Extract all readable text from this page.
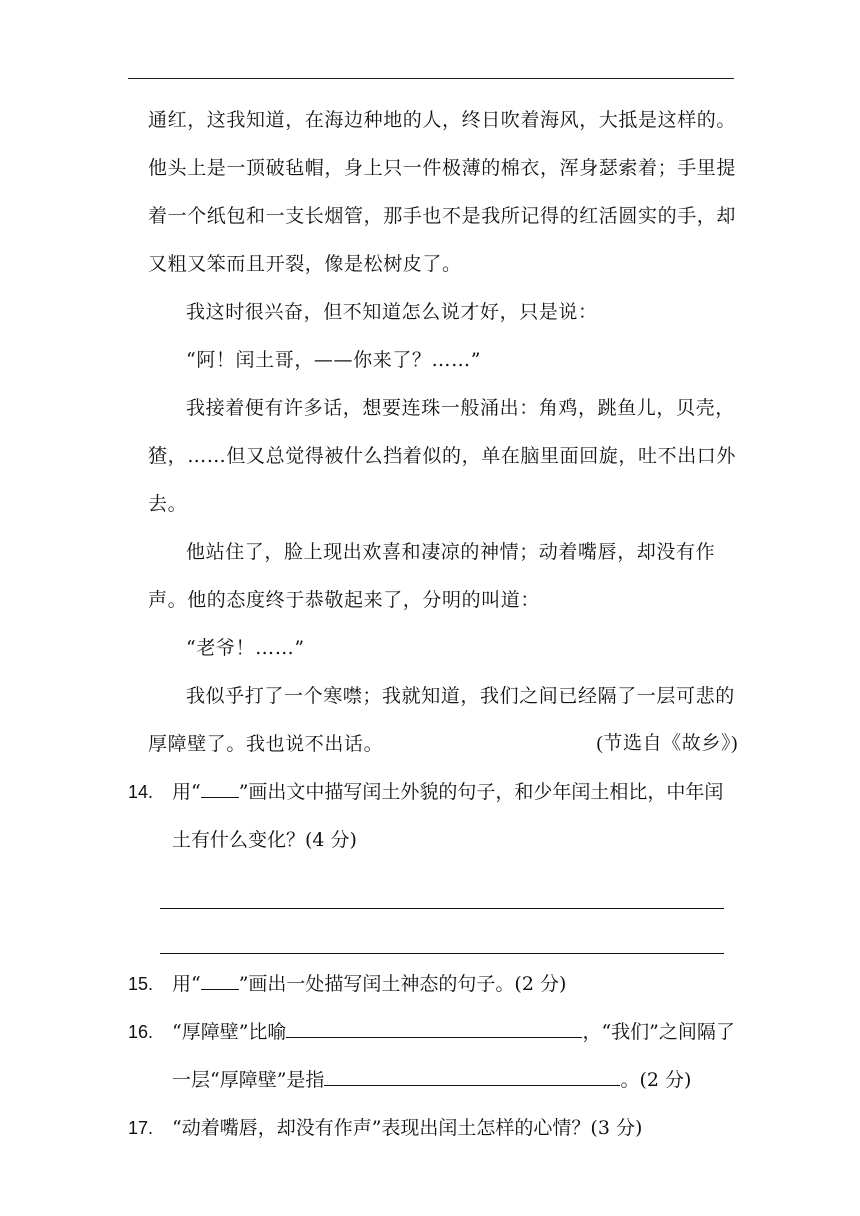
通红，这我知道，在海边种地的人，终日吹着海风，大抵是这样的。他头上是一顶破毡帽，身上只一件极薄的棉衣，浑身瑟索着；手里提着一个纸包和一支长烟管，那手也不是我所记得的红活圆实的手，却又粗又笨而且开裂，像是松树皮了。

我这时很兴奋，但不知道怎么说才好，只是说：

“阿！闰土哥，——你来了？……”

我接着便有许多话，想要连珠一般涌出：角鸡，跳鱼儿，贝壳，猹，……但又总觉得被什么挡着似的，单在脑里面回旋，吐不出口外去。

他站住了，脸上现出欢喜和凄凉的神情；动着嘴唇，却没有作声。他的态度终于恭敬起来了，分明的叫道：

“老爷！……”

我似乎打了一个寒噤；我就知道，我们之间已经隔了一层可悲的厚障壁了。我也说不出话。	(节选自《故乡》)

14. 用“ ”画出文中描写闰土外貌的句子，和少年闰土相比，中年闰土有什么变化？(4 分)
15. 用“ ”画出一处描写闰土神态的句子。(2 分)
16. “厚障壁”比喻	，“我们”之间隔了一层“厚障壁”是指	。(2 分)
17. “动着嘴唇，却没有作声”表现出闰土怎样的心情？(3 分)
